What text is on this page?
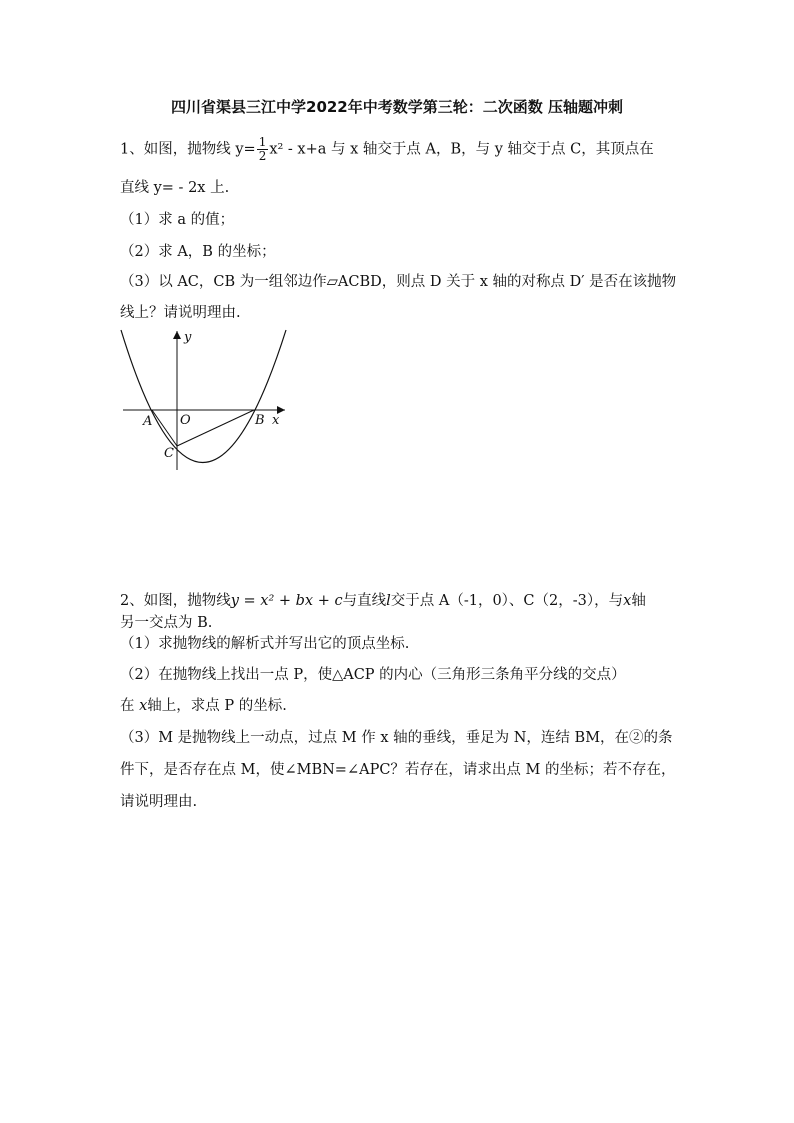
四川省渠县三江中学2022年中考数学第三轮：二次函数 压轴题冲刺
1、如图，抛物线 $y= \frac{1}{2} x^2 - x+a$ 与 x 轴交于点 A，B，与 y 轴交于点 C，其顶点在
直线 y= - 2x 上.
（1）求 a 的值；
（2）求 A，B 的坐标；
（3）以 AC，CB 为一组邻边作▱ACBD，则点 D 关于 x 轴的对称点 D′ 是否在该抛物
线上？请说明理由.
y
x
O
A	B
C
2、如图，抛物线y = x² + bx + c与直线l交于点 A（-1，0）、C（2，-3），与x轴
另一交点为 B.
（1）求抛物线的解析式并写出它的顶点坐标.
（2）在抛物线上找出一点 P，使△ACP 的内心（三角形三条角平分线的交点）
在 x轴上，求点 P 的坐标.
（3）M 是抛物线上一动点，过点 M 作 x 轴的垂线，垂足为 N，连结 BM，在②的条
件下，是否存在点 M，使∠MBN=∠APC？若存在，请求出点 M 的坐标；若不存在，
请说明理由.
